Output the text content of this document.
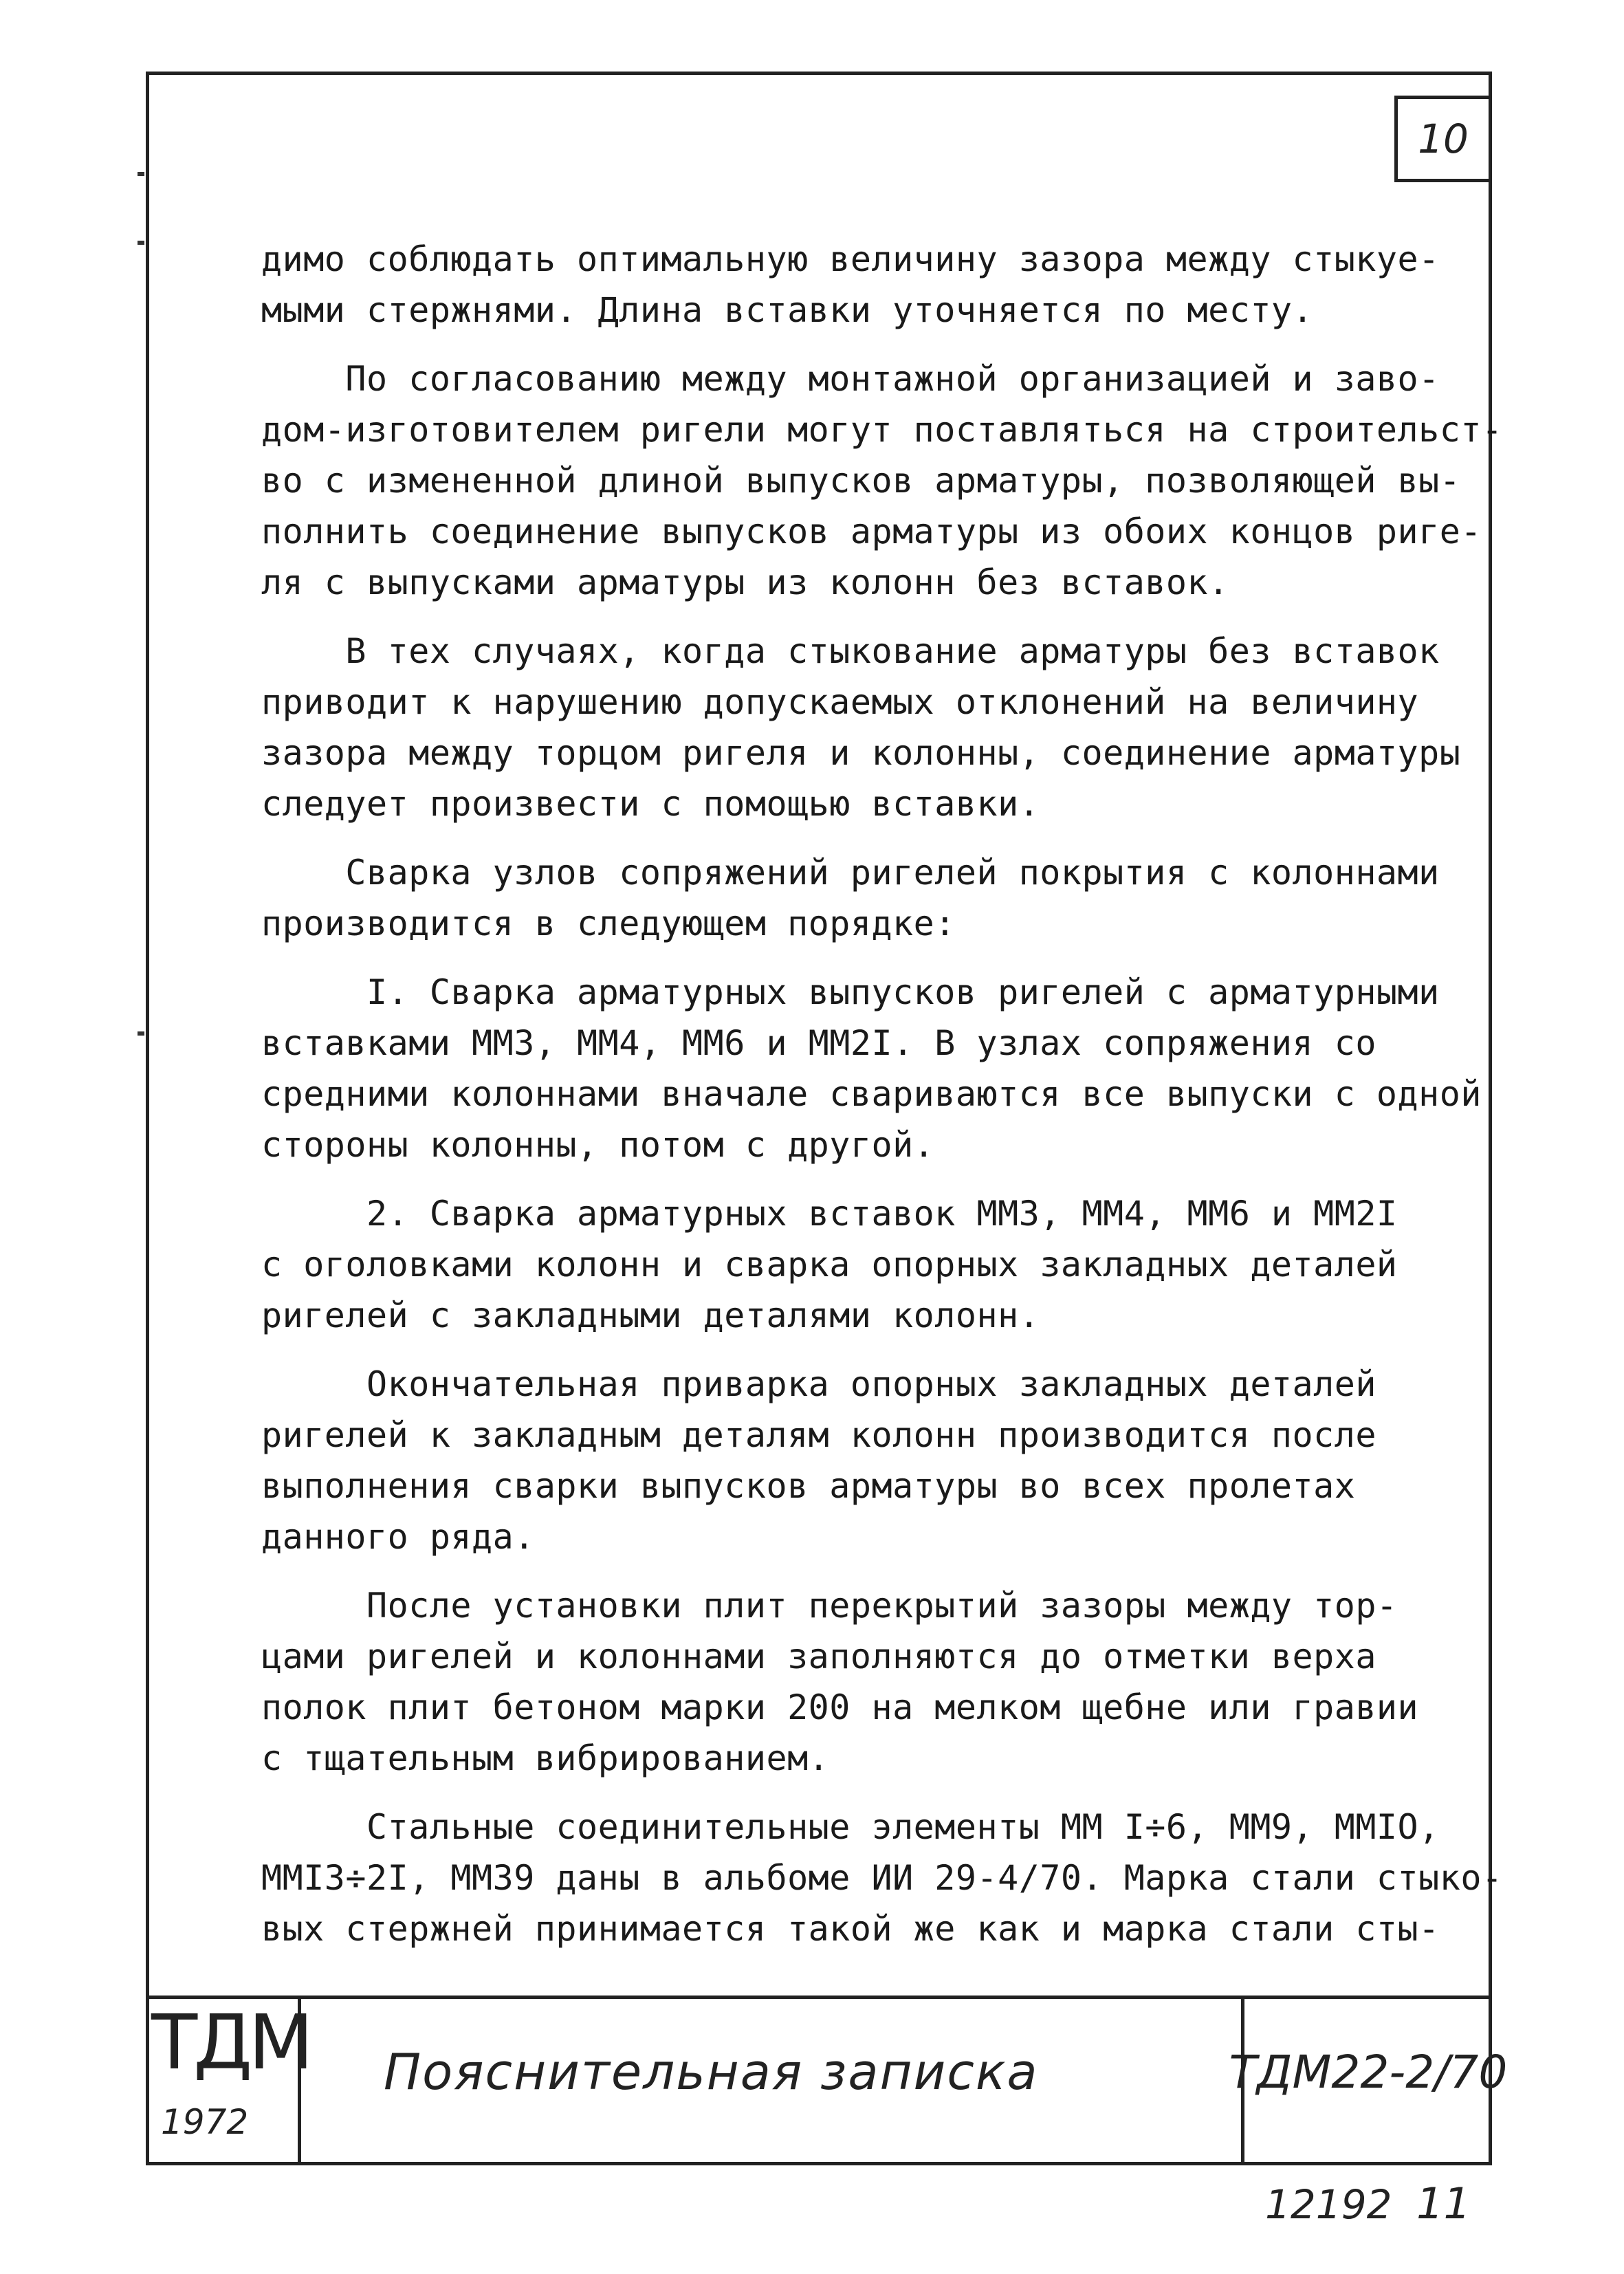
10
димо соблюдать оптимальную величину зазора между стыкуе-
мыми стержнями. Длина вставки уточняется по месту.
По согласованию между монтажной организацией и заво-
дом-изготовителем ригели могут поставляться на строительст-
во с измененной длиной выпусков арматуры, позволяющей вы-
полнить соединение выпусков арматуры из обоих концов риге-
ля с выпусками арматуры из колонн без вставок.
В тех случаях, когда стыкование арматуры без вставок
приводит к нарушению допускаемых отклонений на величину
зазора между торцом ригеля и колонны, соединение арматуры
следует произвести с помощью вставки.
Сварка узлов сопряжений ригелей покрытия с колоннами
производится в следующем порядке:
I. Сварка арматурных выпусков ригелей с арматурными
вставками ММ3, ММ4, ММ6 и ММ2I. В узлах сопряжения со
средними колоннами вначале свариваются все выпуски с одной
стороны колонны, потом с другой.
2. Сварка арматурных вставок ММ3, ММ4, ММ6 и ММ2I
с оголовками колонн и сварка опорных закладных деталей
ригелей с закладными деталями колонн.
Окончательная приварка опорных закладных деталей
ригелей к закладным деталям колонн производится после
выполнения сварки выпусков арматуры во всех пролетах
данного ряда.
После установки плит перекрытий зазоры между тор-
цами ригелей и колоннами заполняются до отметки верха
полок плит бетоном марки 200 на мелком щебне или гравии
с тщательным вибрированием.
Стальные соединительные элементы ММ I÷6, ММ9, ММIO,
ММI3÷2I, ММ39 даны в альбоме ИИ 29-4/70. Марка стали стыко-
вых стержней принимается такой же как и марка стали сты-
ТДМ
1972
Пояснительная записка	ТДМ22-2/70
12192 11
